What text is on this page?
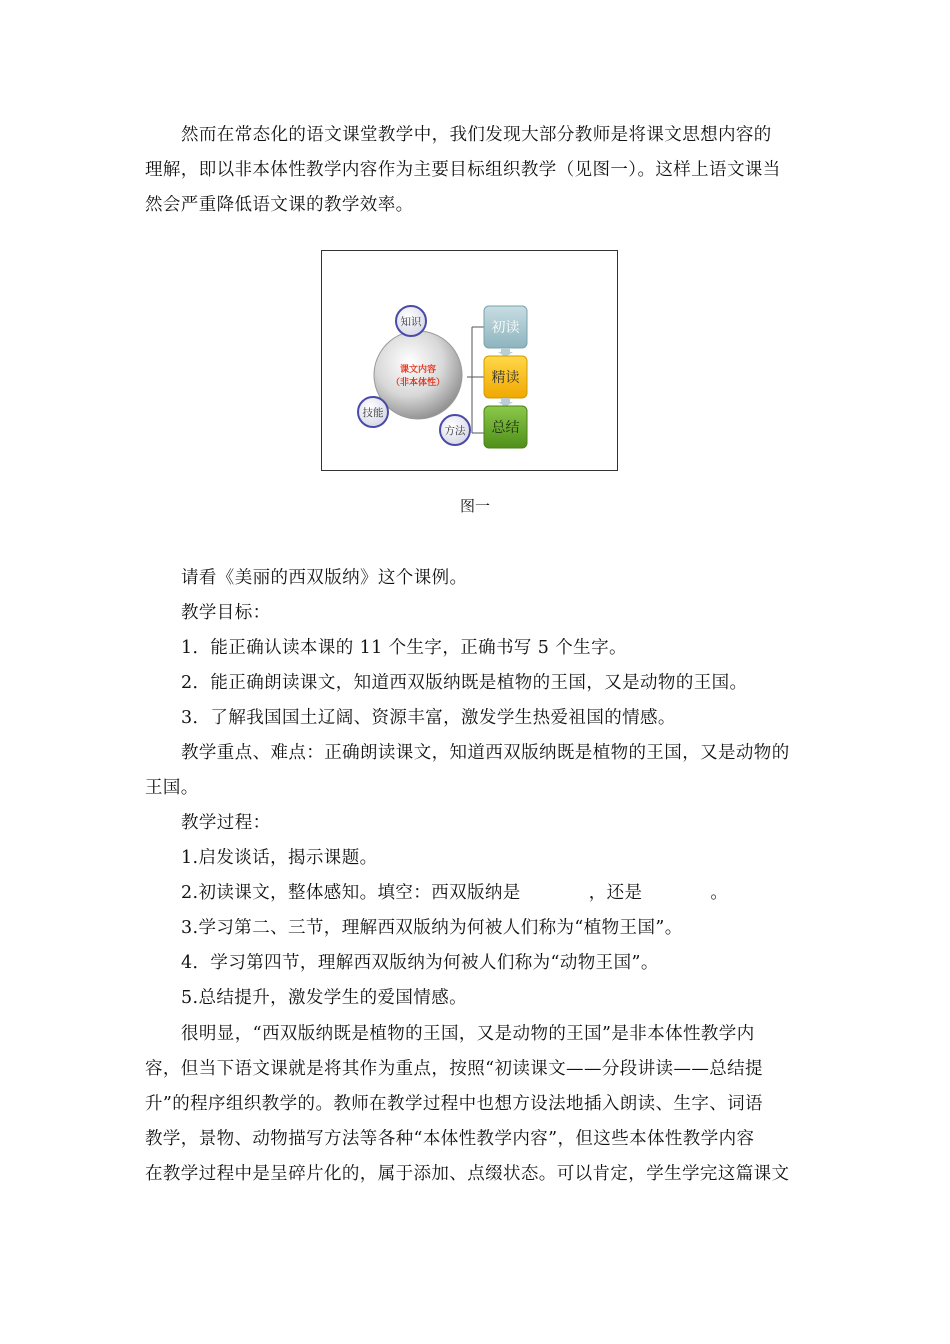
然而在常态化的语文课堂教学中，我们发现大部分教师是将课文思想内容的
理解，即以非本体性教学内容作为主要目标组织教学（见图一）。这样上语文课当
然会严重降低语文课的教学效率。
课文内容
（非本体性）
知识
技能
方法
初读
精读
总结
图一
请看《美丽的西双版纳》这个课例。
教学目标：
1．能正确认读本课的 11 个生字，正确书写 5 个生字。
2．能正确朗读课文，知道西双版纳既是植物的王国，又是动物的王国。
3．了解我国国土辽阔、资源丰富，激发学生热爱祖国的情感。
教学重点、难点：正确朗读课文，知道西双版纳既是植物的王国，又是动物的
王国。
教学过程：
1.启发谈话，揭示课题。
2.初读课文，整体感知。填空：西双版纳是	，还是	。
3.学习第二、三节，理解西双版纳为何被人们称为“植物王国”。
4．学习第四节，理解西双版纳为何被人们称为“动物王国”。
5.总结提升，激发学生的爱国情感。
很明显，“西双版纳既是植物的王国，又是动物的王国”是非本体性教学内
容，但当下语文课就是将其作为重点，按照“初读课文——分段讲读——总结提
升”的程序组织教学的。教师在教学过程中也想方设法地插入朗读、生字、词语
教学，景物、动物描写方法等各种“本体性教学内容”，但这些本体性教学内容
在教学过程中是呈碎片化的，属于添加、点缀状态。可以肯定，学生学完这篇课文
